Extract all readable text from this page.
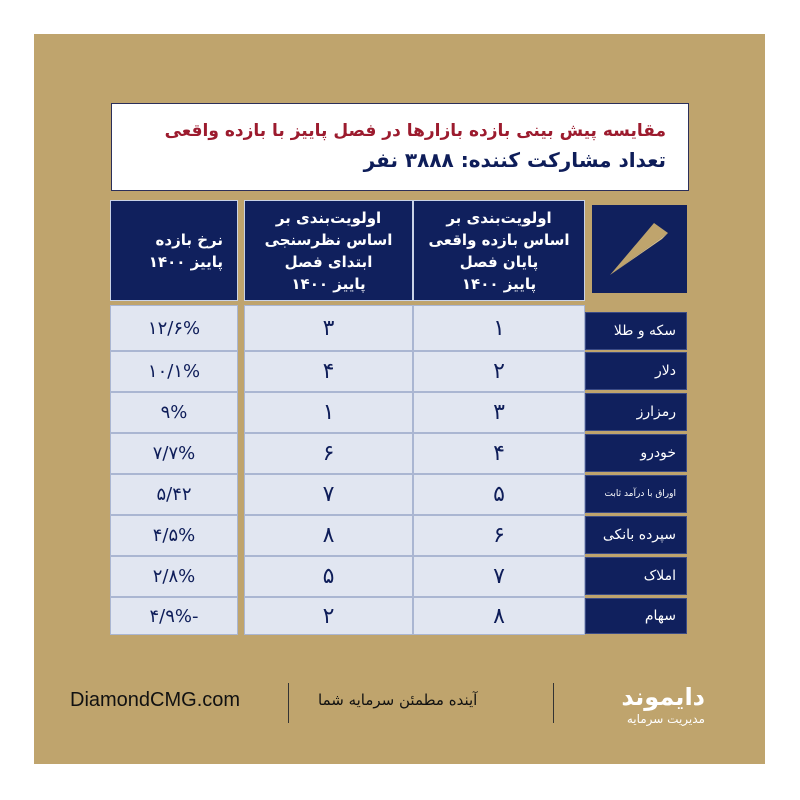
مقایسه پیش بینی بازده بازارها در فصل پاییز با بازده واقعی
تعداد مشارکت کننده: ۳۸۸۸ نفر
اولویت‌بندی بر
اساس بازده واقعی
پایان فصل
پاییز ۱۴۰۰
اولویت‌بندی بر
اساس نظرسنجی
ابتدای فصل
پاییز ۱۴۰۰
نرخ بازده
پاییز ۱۴۰۰
سکه و طلا
۱
۳
۱۲/۶%
دلار
۲
۴
۱۰/۱%
رمزارز
۳
۱
۹%
خودرو
۴
۶
۷/۷%
اوراق با درآمد ثابت
۵
۷
۵/۴۲
سپرده بانکی
۶
۸
۴/۵%
املاک
۷
۵
۲/۸%
سهام
۸
۲
-۴/۹%
DiamondCMG.com	آینده مطمئن سرمایه شما	دایموند
مدیریت سرمایه
